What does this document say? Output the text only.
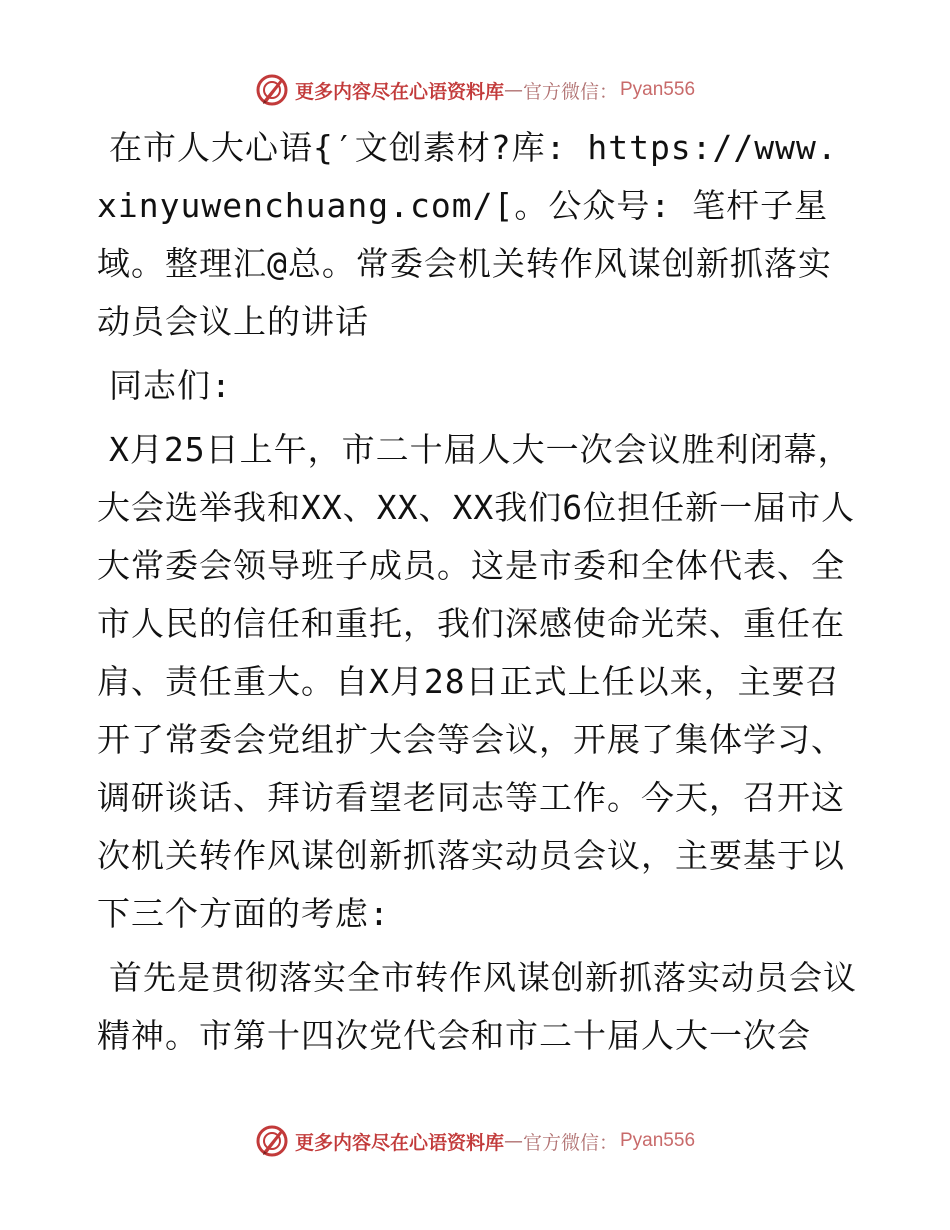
更多内容尽在心语资料库 — 官方微信： Pyan556

在市人大心语{′文创素材?库: https://www.xinyuwenchuang.com/[。公众号: 笔杆子星域。整理汇@总。常委会机关转作风谋创新抓落实动员会议上的讲话

同志们:

X月25日上午，市二十届人大一次会议胜利闭幕，大会选举我和XX、XX、XX我们6位担任新一届市人大常委会领导班子成员。这是市委和全体代表、全市人民的信任和重托，我们深感使命光荣、重任在肩、责任重大。自X月28日正式上任以来，主要召开了常委会党组扩大会等会议，开展了集体学习、调研谈话、拜访看望老同志等工作。今天，召开这次机关转作风谋创新抓落实动员会议，主要基于以下三个方面的考虑:

首先是贯彻落实全市转作风谋创新抓落实动员会议精神。市第十四次党代会和市二十届人大一次会

更多内容尽在心语资料库 — 官方微信： Pyan556
